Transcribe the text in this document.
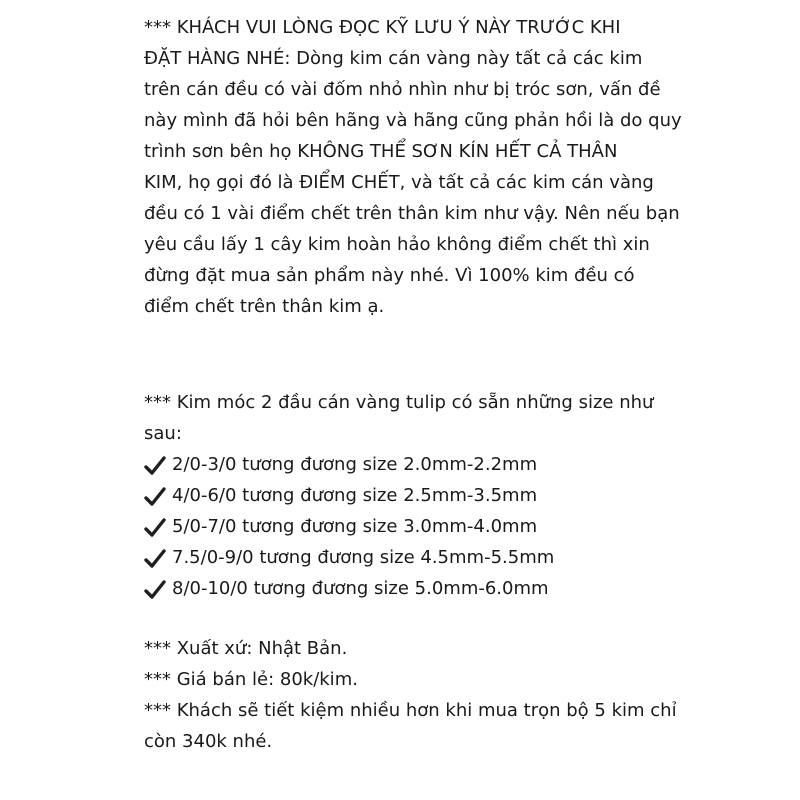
*** KHÁCH VUI LÒNG ĐỌC KỸ LƯU Ý NÀY TRƯỚC KHI
ĐẶT HÀNG NHÉ: Dòng kim cán vàng này tất cả các kim
trên cán đều có vài đốm nhỏ nhìn như bị tróc sơn, vấn đề
này mình đã hỏi bên hãng và hãng cũng phản hồi là do quy
trình sơn bên họ KHÔNG THỂ SƠN KÍN HẾT CẢ THÂN
KIM, họ gọi đó là ĐIỂM CHẾT, và tất cả các kim cán vàng
đều có 1 vài điểm chết trên thân kim như vậy. Nên nếu bạn
yêu cầu lấy 1 cây kim hoàn hảo không điểm chết thì xin
đừng đặt mua sản phẩm này nhé. Vì 100% kim đều có
điểm chết trên thân kim ạ.
*** Kim móc 2 đầu cán vàng tulip có sẵn những size như
sau:
2/0-3/0 tương đương size 2.0mm-2.2mm
4/0-6/0 tương đương size 2.5mm-3.5mm
5/0-7/0 tương đương size 3.0mm-4.0mm
7.5/0-9/0 tương đương size 4.5mm-5.5mm
8/0-10/0 tương đương size 5.0mm-6.0mm
*** Xuất xứ: Nhật Bản.
*** Giá bán lẻ: 80k/kim.
*** Khách sẽ tiết kiệm nhiều hơn khi mua trọn bộ 5 kim chỉ
còn 340k nhé.
